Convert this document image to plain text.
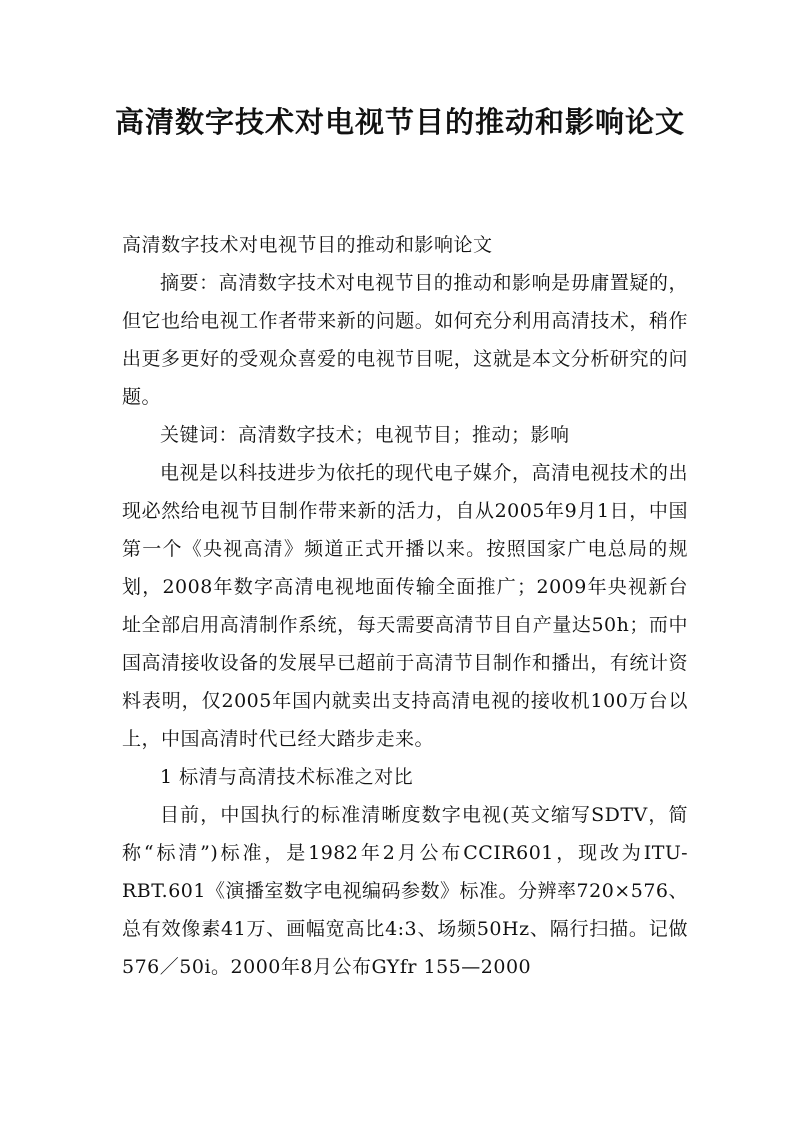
高清数字技术对电视节目的推动和影响论文

高清数字技术对电视节目的推动和影响论文

摘要：高清数字技术对电视节目的推动和影响是毋庸置疑的，但它也给电视工作者带来新的问题。如何充分利用高清技术，稍作出更多更好的受观众喜爱的电视节目呢，这就是本文分析研究的问题。

关键词：高清数字技术；电视节目；推动；影响

电视是以科技进步为依托的现代电子媒介，高清电视技术的出现必然给电视节目制作带来新的活力，自从2005年9月1日，中国第一个《央视高清》频道正式开播以来。按照国家广电总局的规划，2008年数字高清电视地面传输全面推广；2009年央视新台址全部启用高清制作系统，每天需要高清节目自产量达50h；而中国高清接收设备的发展早已超前于高清节目制作和播出，有统计资料表明，仅2005年国内就卖出支持高清电视的接收机100万台以上，中国高清时代已经大踏步走来。

1 标清与高清技术标准之对比

目前，中国执行的标准清晰度数字电视(英文缩写SDTV，简称“标清”)标准，是1982年2月公布CCIR601，现改为ITU-RBT.601《演播室数字电视编码参数》标准。分辨率720×576、总有效像素41万、画幅宽高比4:3、场频50Hz、隔行扫描。记做576／50i。2000年8月公布GYfr 155—2000
